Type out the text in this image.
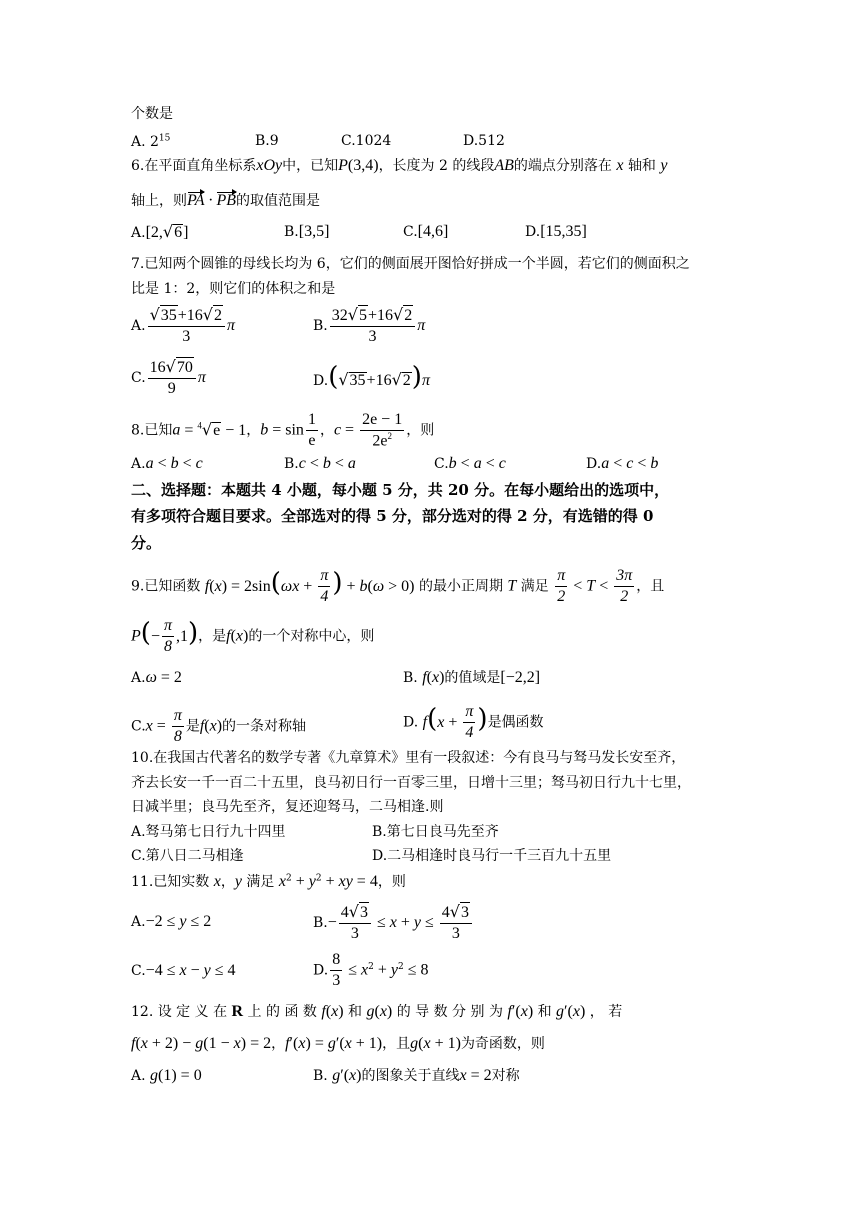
个数是
A. $2^{15}$	B.9	C.1024	D.512
6.在平面直角坐标系xOy中，已知P(3,4)，长度为 2 的线段AB的端点分别落在 x 轴和 y
轴上，则PA · PB的取值范围是
A.[2,√6]	B.[3,5]	C.[4,6]	D.[15,35]
7.已知两个圆锥的母线长均为 6，它们的侧面展开图恰好拼成一个半圆，若它们的侧面积之
比是 1：2，则它们的体积之和是
A. $\frac{√35+16√2}{3}$ π	B. $\frac{32√5+16√2}{3}$ π
C. $\frac{16√70}{9}$ π	D.(√35+16√2)π
8.已知a = $^4$√e − 1，$b = \sin \frac{1}{e}$ ，$c = \frac{2e - 1}{2e^2}$ ，则
A.a < b < c	B.c < b < a	C.b < a < c	D.a < c < b
二、选择题：本题共 4 小题，每小题 5 分，共 20 分。在每小题给出的选项中，
有多项符合题目要求。全部选对的得 5 分，部分选对的得 2 分，有选错的得 0
分。
9.已知函数 $f(x) = 2\sin(\omega x + \frac{\pi}{4}$ ) + b(ω > 0) 的最小正周期 T 满足 $\frac{\pi}{2} < T < \frac{3\pi}{2}$ ，且
$P(- \frac{\pi}{8} ,1)$，是f(x)的一个对称中心，则
A.ω = 2	B. f(x)的值域是[−2,2]
$C.x = \frac{\pi}{8}$ 是f(x)的一条对称轴	D. $f(x + \frac{\pi}{4}$ )是偶函数
10.在我国古代著名的数学专著《九章算术》里有一段叙述：今有良马与驽马发长安至齐，
齐去长安一千一百二十五里，良马初日行一百零三里，日增十三里；驽马初日行九十七里，
日减半里；良马先至齐，复还迎驽马，二马相逢.则
A.驽马第七日行九十四里	B.第七日良马先至齐
C.第八日二马相逢	D.二马相逢时良马行一千三百九十五里
11.已知实数 x，y 满足 $x^2 + y^2$ + xy = 4，则
A.−2 ≤ y ≤ 2	$B.- \frac{4√3}{3} \le x + y \le \frac{4√3}{3}$
C.−4 ≤ x − y ≤ 4	D. $\frac{8}{3} \le x^2 + y^2 \le 8$
12. 设 定 义 在 R 上 的 函 数 f(x) 和 g(x) 的 导 数 分 别 为 f′(x) 和 g′(x) ， 若
f(x + 2) − g(1 − x) = 2，f′(x) = g′(x + 1)，且g(x + 1)为奇函数，则
A. g(1) = 0	B. g′(x)的图象关于直线x = 2对称
